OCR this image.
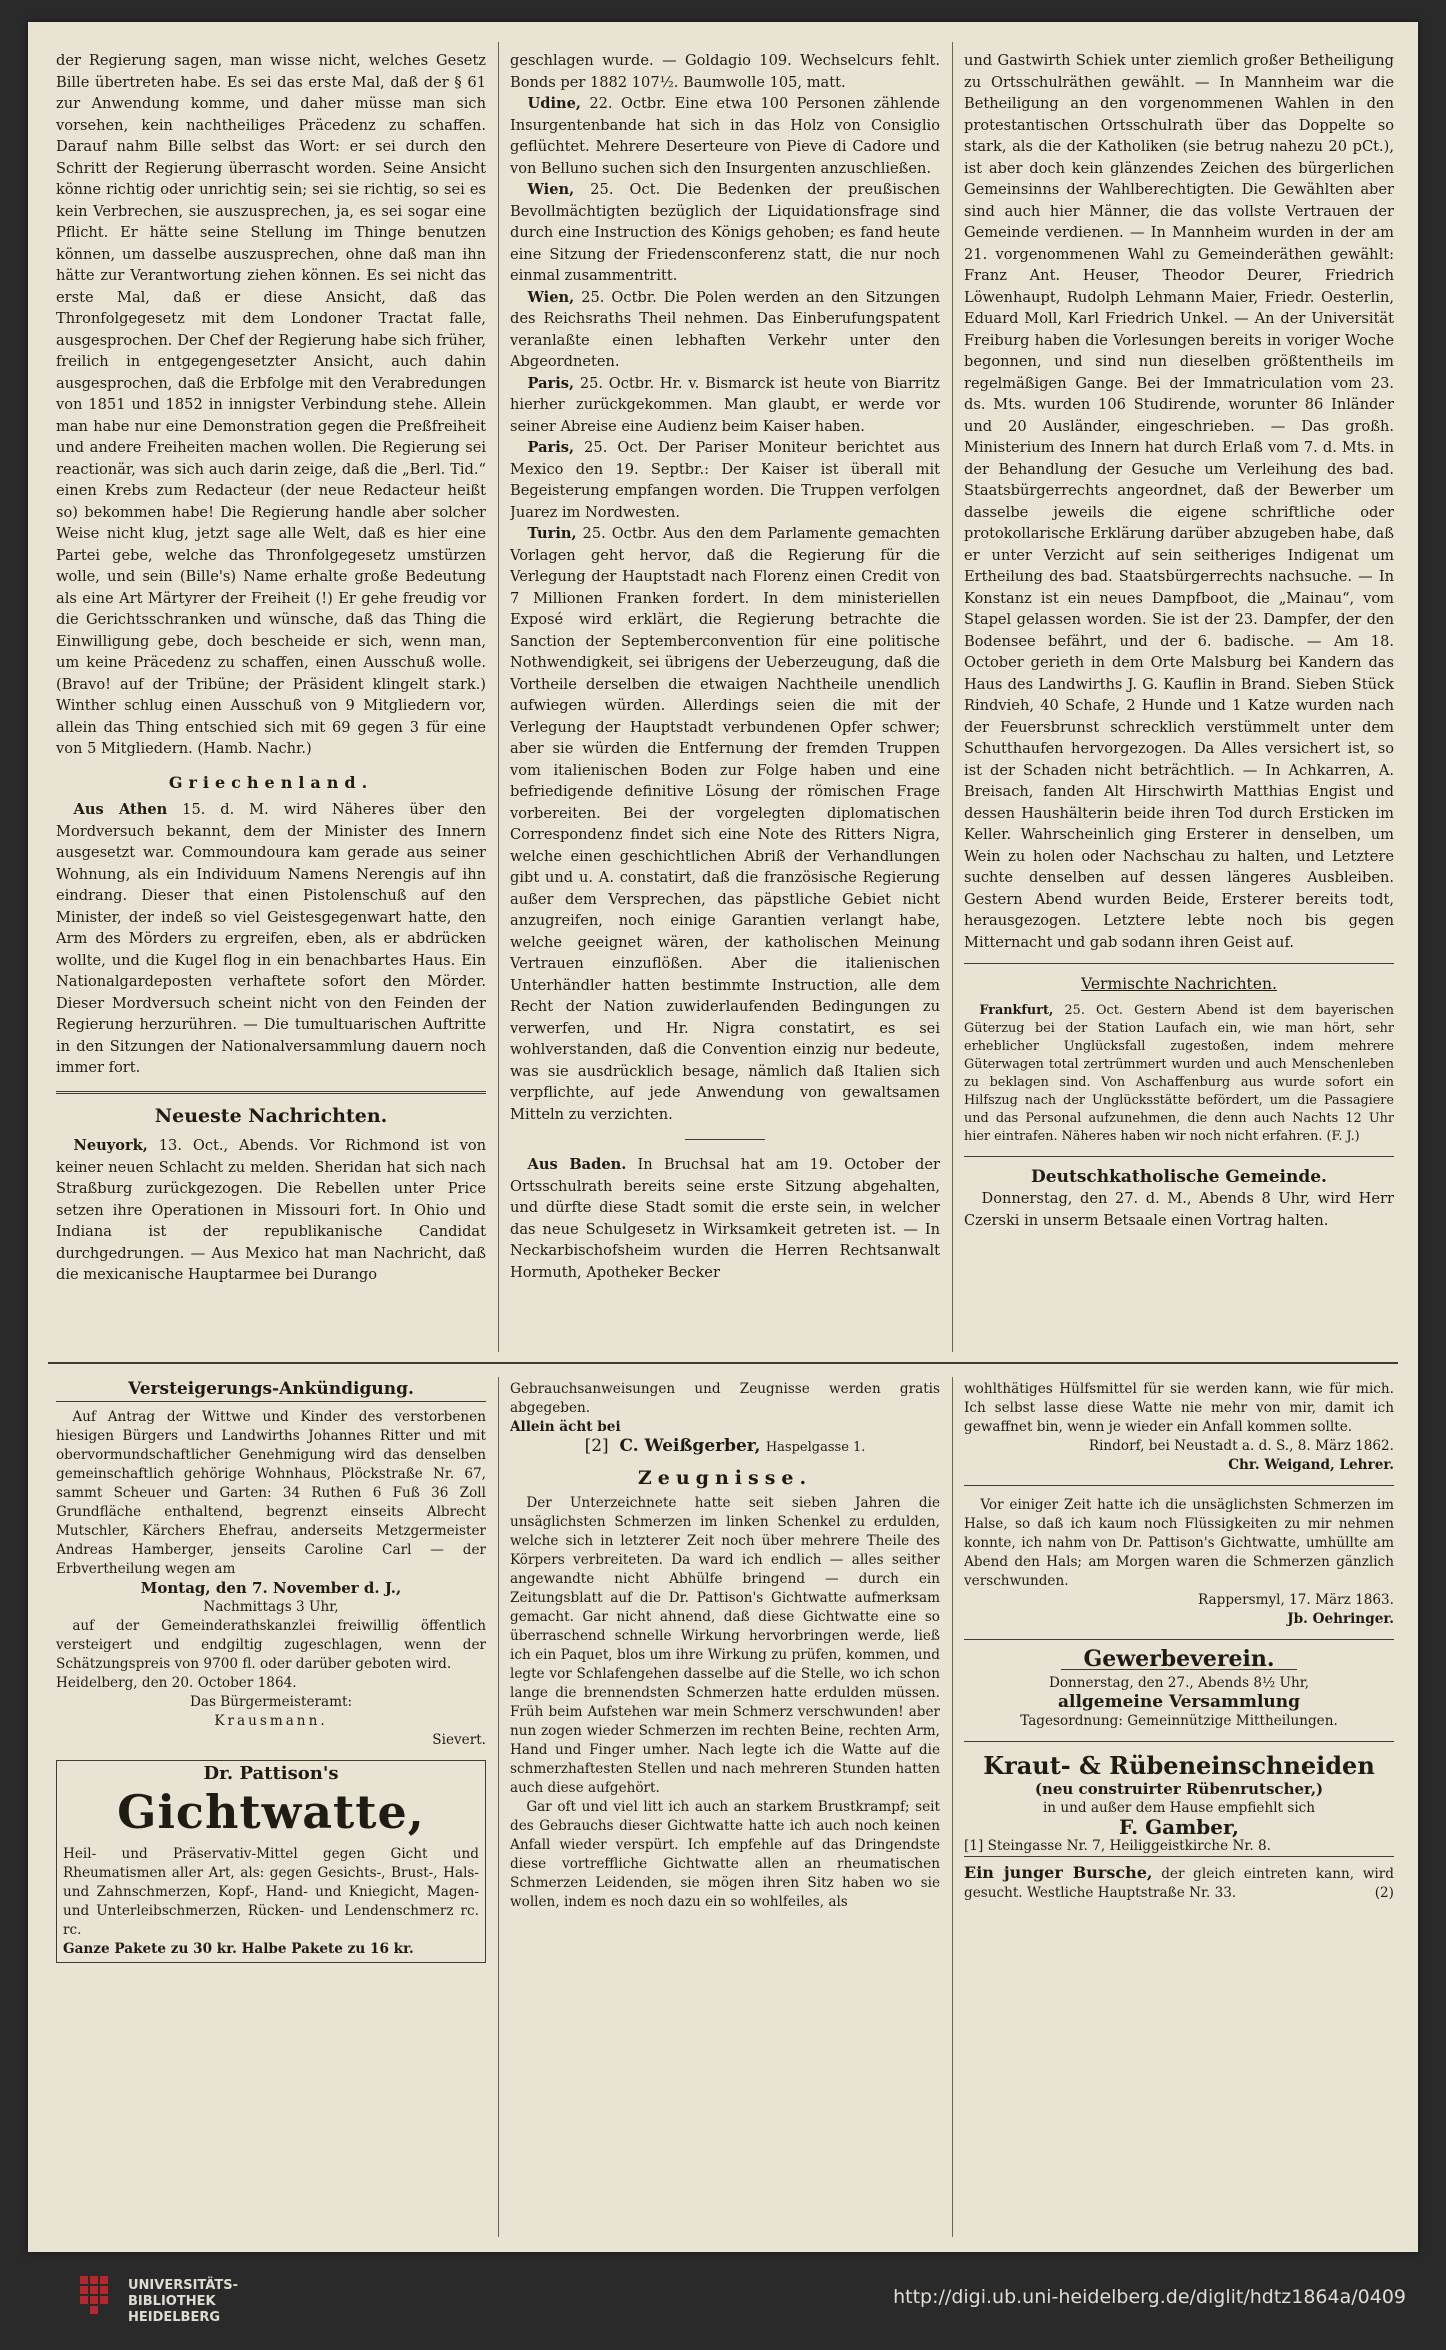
der Regierung sagen, man wisse nicht, welches Gesetz Bille übertreten habe. Es sei das erste Mal, daß der § 61 zur Anwendung komme, und daher müsse man sich vorsehen, kein nachtheiliges Präcedenz zu schaffen. Darauf nahm Bille selbst das Wort: er sei durch den Schritt der Regierung überrascht worden. Seine Ansicht könne richtig oder unrichtig sein; sei sie richtig, so sei es kein Verbrechen, sie auszusprechen, ja, es sei sogar eine Pflicht. Er hätte seine Stellung im Thinge benutzen können, um dasselbe auszusprechen, ohne daß man ihn hätte zur Verantwortung ziehen können. Es sei nicht das erste Mal, daß er diese Ansicht, daß das Thronfolgegesetz mit dem Londoner Tractat falle, ausgesprochen. Der Chef der Regierung habe sich früher, freilich in entgegengesetzter Ansicht, auch dahin ausgesprochen, daß die Erbfolge mit den Verabredungen von 1851 und 1852 in innigster Verbindung stehe. Allein man habe nur eine Demonstration gegen die Preßfreiheit und andere Freiheiten machen wollen. Die Regierung sei reactionär, was sich auch darin zeige, daß die „Berl. Tid.“ einen Krebs zum Redacteur (der neue Redacteur heißt so) bekommen habe! Die Regierung handle aber solcher Weise nicht klug, jetzt sage alle Welt, daß es hier eine Partei gebe, welche das Thronfolgegesetz umstürzen wolle, und sein (Bille's) Name erhalte große Bedeutung als eine Art Märtyrer der Freiheit (!) Er gehe freudig vor die Gerichtsschranken und wünsche, daß das Thing die Einwilligung gebe, doch bescheide er sich, wenn man, um keine Präcedenz zu schaffen, einen Ausschuß wolle. (Bravo! auf der Tribüne; der Präsident klingelt stark.) Winther schlug einen Ausschuß von 9 Mitgliedern vor, allein das Thing entschied sich mit 69 gegen 3 für eine von 5 Mitgliedern. (Hamb. Nachr.)

Griechenland.

Aus Athen 15. d. M. wird Näheres über den Mordversuch bekannt, dem der Minister des Innern ausgesetzt war. Commoundoura kam gerade aus seiner Wohnung, als ein Individuum Namens Nerengis auf ihn eindrang. Dieser that einen Pistolenschuß auf den Minister, der indeß so viel Geistesgegenwart hatte, den Arm des Mörders zu ergreifen, eben, als er abdrücken wollte, und die Kugel flog in ein benachbartes Haus. Ein Nationalgardeposten verhaftete sofort den Mörder. Dieser Mordversuch scheint nicht von den Feinden der Regierung herzurühren. — Die tumultuarischen Auftritte in den Sitzungen der Nationalversammlung dauern noch immer fort.

Neueste Nachrichten.

Neuyork, 13. Oct., Abends. Vor Richmond ist von keiner neuen Schlacht zu melden. Sheridan hat sich nach Straßburg zurückgezogen. Die Rebellen unter Price setzen ihre Operationen in Missouri fort. In Ohio und Indiana ist der republikanische Candidat durchgedrungen. — Aus Mexico hat man Nachricht, daß die mexicanische Hauptarmee bei Durango

geschlagen wurde. — Goldagio 109. Wechselcurs fehlt. Bonds per 1882 107½. Baumwolle 105, matt.

Udine, 22. Octbr. Eine etwa 100 Personen zählende Insurgentenbande hat sich in das Holz von Consiglio geflüchtet. Mehrere Deserteure von Pieve di Cadore und von Belluno suchen sich den Insurgenten anzuschließen.

Wien, 25. Oct. Die Bedenken der preußischen Bevollmächtigten bezüglich der Liquidationsfrage sind durch eine Instruction des Königs gehoben; es fand heute eine Sitzung der Friedensconferenz statt, die nur noch einmal zusammentritt.

Wien, 25. Octbr. Die Polen werden an den Sitzungen des Reichsraths Theil nehmen. Das Einberufungspatent veranlaßte einen lebhaften Verkehr unter den Abgeordneten.

Paris, 25. Octbr. Hr. v. Bismarck ist heute von Biarritz hierher zurückgekommen. Man glaubt, er werde vor seiner Abreise eine Audienz beim Kaiser haben.

Paris, 25. Oct. Der Pariser Moniteur berichtet aus Mexico den 19. Septbr.: Der Kaiser ist überall mit Begeisterung empfangen worden. Die Truppen verfolgen Juarez im Nordwesten.

Turin, 25. Octbr. Aus den dem Parlamente gemachten Vorlagen geht hervor, daß die Regierung für die Verlegung der Hauptstadt nach Florenz einen Credit von 7 Millionen Franken fordert. In dem ministeriellen Exposé wird erklärt, die Regierung betrachte die Sanction der Septemberconvention für eine politische Nothwendigkeit, sei übrigens der Ueberzeugung, daß die Vortheile derselben die etwaigen Nachtheile unendlich aufwiegen würden. Allerdings seien die mit der Verlegung der Hauptstadt verbundenen Opfer schwer; aber sie würden die Entfernung der fremden Truppen vom italienischen Boden zur Folge haben und eine befriedigende definitive Lösung der römischen Frage vorbereiten. Bei der vorgelegten diplomatischen Correspondenz findet sich eine Note des Ritters Nigra, welche einen geschichtlichen Abriß der Verhandlungen gibt und u. A. constatirt, daß die französische Regierung außer dem Versprechen, das päpstliche Gebiet nicht anzugreifen, noch einige Garantien verlangt habe, welche geeignet wären, der katholischen Meinung Vertrauen einzuflößen. Aber die italienischen Unterhändler hatten bestimmte Instruction, alle dem Recht der Nation zuwiderlaufenden Bedingungen zu verwerfen, und Hr. Nigra constatirt, es sei wohlverstanden, daß die Convention einzig nur bedeute, was sie ausdrücklich besage, nämlich daß Italien sich verpflichte, auf jede Anwendung von gewaltsamen Mitteln zu verzichten.

Aus Baden. In Bruchsal hat am 19. October der Ortsschulrath bereits seine erste Sitzung abgehalten, und dürfte diese Stadt somit die erste sein, in welcher das neue Schulgesetz in Wirksamkeit getreten ist. — In Neckarbischofsheim wurden die Herren Rechtsanwalt Hormuth, Apotheker Becker

und Gastwirth Schiek unter ziemlich großer Betheiligung zu Ortsschulräthen gewählt. — In Mannheim war die Betheiligung an den vorgenommenen Wahlen in den protestantischen Ortsschulrath über das Doppelte so stark, als die der Katholiken (sie betrug nahezu 20 pCt.), ist aber doch kein glänzendes Zeichen des bürgerlichen Gemeinsinns der Wahlberechtigten. Die Gewählten aber sind auch hier Männer, die das vollste Vertrauen der Gemeinde verdienen. — In Mannheim wurden in der am 21. vorgenommenen Wahl zu Gemeinderäthen gewählt: Franz Ant. Heuser, Theodor Deurer, Friedrich Löwenhaupt, Rudolph Lehmann Maier, Friedr. Oesterlin, Eduard Moll, Karl Friedrich Unkel. — An der Universität Freiburg haben die Vorlesungen bereits in voriger Woche begonnen, und sind nun dieselben größtentheils im regelmäßigen Gange. Bei der Immatriculation vom 23. ds. Mts. wurden 106 Studirende, worunter 86 Inländer und 20 Ausländer, eingeschrieben. — Das großh. Ministerium des Innern hat durch Erlaß vom 7. d. Mts. in der Behandlung der Gesuche um Verleihung des bad. Staatsbürgerrechts angeordnet, daß der Bewerber um dasselbe jeweils die eigene schriftliche oder protokollarische Erklärung darüber abzugeben habe, daß er unter Verzicht auf sein seitheriges Indigenat um Ertheilung des bad. Staatsbürgerrechts nachsuche. — In Konstanz ist ein neues Dampfboot, die „Mainau“, vom Stapel gelassen worden. Sie ist der 23. Dampfer, der den Bodensee befährt, und der 6. badische. — Am 18. October gerieth in dem Orte Malsburg bei Kandern das Haus des Landwirths J. G. Kauflin in Brand. Sieben Stück Rindvieh, 40 Schafe, 2 Hunde und 1 Katze wurden nach der Feuersbrunst schrecklich verstümmelt unter dem Schutthaufen hervorgezogen. Da Alles versichert ist, so ist der Schaden nicht beträchtlich. — In Achkarren, A. Breisach, fanden Alt Hirschwirth Matthias Engist und dessen Haushälterin beide ihren Tod durch Ersticken im Keller. Wahrscheinlich ging Ersterer in denselben, um Wein zu holen oder Nachschau zu halten, und Letztere suchte denselben auf dessen längeres Ausbleiben. Gestern Abend wurden Beide, Ersterer bereits todt, herausgezogen. Letztere lebte noch bis gegen Mitternacht und gab sodann ihren Geist auf.

Vermischte Nachrichten.

Frankfurt, 25. Oct. Gestern Abend ist dem bayerischen Güterzug bei der Station Laufach ein, wie man hört, sehr erheblicher Unglücksfall zugestoßen, indem mehrere Güterwagen total zertrümmert wurden und auch Menschenleben zu beklagen sind. Von Aschaffenburg aus wurde sofort ein Hilfszug nach der Unglücksstätte befördert, um die Passagiere und das Personal aufzunehmen, die denn auch Nachts 12 Uhr hier eintrafen. Näheres haben wir noch nicht erfahren. (F. J.)

Deutschkatholische Gemeinde.

Donnerstag, den 27. d. M., Abends 8 Uhr, wird Herr Czerski in unserm Betsaale einen Vortrag halten.

Versteigerungs-Ankündigung.

Auf Antrag der Wittwe und Kinder des verstorbenen hiesigen Bürgers und Landwirths Johannes Ritter und mit obervormundschaftlicher Genehmigung wird das denselben gemeinschaftlich gehörige Wohnhaus, Plöckstraße Nr. 67, sammt Scheuer und Garten: 34 Ruthen 6 Fuß 36 Zoll Grundfläche enthaltend, begrenzt einseits Albrecht Mutschler, Kärchers Ehefrau, anderseits Metzgermeister Andreas Hamberger, jenseits Caroline Carl — der Erbvertheilung wegen am

Montag, den 7. November d. J.,
Nachmittags 3 Uhr,

auf der Gemeinderathskanzlei freiwillig öffentlich versteigert und endgiltig zugeschlagen, wenn der Schätzungspreis von 9700 fl. oder darüber geboten wird.

Heidelberg, den 20. October 1864.
Das Bürgermeisteramt:
Krausmann.
Sievert.
Dr. Pattison's
Gichtwatte,

Heil- und Präservativ-Mittel gegen Gicht und Rheumatismen aller Art, als: gegen Gesichts-, Brust-, Hals- und Zahnschmerzen, Kopf-, Hand- und Kniegicht, Magen- und Unterleibschmerzen, Rücken- und Lendenschmerz rc. rc.

Ganze Pakete zu 30 kr. Halbe Pakete zu 16 kr.

Gebrauchsanweisungen und Zeugnisse werden gratis abgegeben.

Allein ächt bei
[2] C. Weißgerber, Haspelgasse 1.
Zeugnisse.

Der Unterzeichnete hatte seit sieben Jahren die unsäglichsten Schmerzen im linken Schenkel zu erdulden, welche sich in letzterer Zeit noch über mehrere Theile des Körpers verbreiteten. Da ward ich endlich — alles seither angewandte nicht Abhülfe bringend — durch ein Zeitungsblatt auf die Dr. Pattison's Gichtwatte aufmerksam gemacht. Gar nicht ahnend, daß diese Gichtwatte eine so überraschend schnelle Wirkung hervorbringen werde, ließ ich ein Paquet, blos um ihre Wirkung zu prüfen, kommen, und legte vor Schlafengehen dasselbe auf die Stelle, wo ich schon lange die brennendsten Schmerzen hatte erdulden müssen. Früh beim Aufstehen war mein Schmerz verschwunden! aber nun zogen wieder Schmerzen im rechten Beine, rechten Arm, Hand und Finger umher. Nach legte ich die Watte auf die schmerzhaftesten Stellen und nach mehreren Stunden hatten auch diese aufgehört.

Gar oft und viel litt ich auch an starkem Brustkrampf; seit des Gebrauchs dieser Gichtwatte hatte ich auch noch keinen Anfall wieder verspürt. Ich empfehle auf das Dringendste diese vortreffliche Gichtwatte allen an rheumatischen Schmerzen Leidenden, sie mögen ihren Sitz haben wo sie wollen, indem es noch dazu ein so wohlfeiles, als

wohlthätiges Hülfsmittel für sie werden kann, wie für mich. Ich selbst lasse diese Watte nie mehr von mir, damit ich gewaffnet bin, wenn je wieder ein Anfall kommen sollte.

Rindorf, bei Neustadt a. d. S., 8. März 1862.
Chr. Weigand, Lehrer.

Vor einiger Zeit hatte ich die unsäglichsten Schmerzen im Halse, so daß ich kaum noch Flüssigkeiten zu mir nehmen konnte, ich nahm von Dr. Pattison's Gichtwatte, umhüllte am Abend den Hals; am Morgen waren die Schmerzen gänzlich verschwunden.

Rappersmyl, 17. März 1863.
Jb. Oehringer.
Gewerbeverein.
Donnerstag, den 27., Abends 8½ Uhr,
allgemeine Versammlung
Tagesordnung: Gemeinnützige Mittheilungen.
Kraut- & Rübeneinschneiden
(neu construirter Rübenrutscher,)
in und außer dem Hause empfiehlt sich
F. Gamber,
[1] Steingasse Nr. 7, Heiliggeistkirche Nr. 8.

Ein junger Bursche, der gleich eintreten kann, wird gesucht. Westliche Hauptstraße Nr. 33.	(2)

UNIVERSITÄTS-
BIBLIOTHEK
HEIDELBERG
http://digi.ub.uni-heidelberg.de/diglit/hdtz1864a/0409
